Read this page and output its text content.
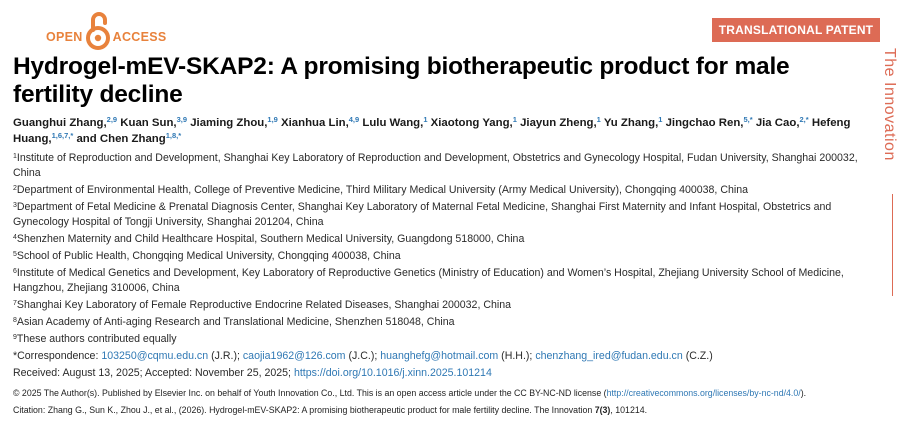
OPEN ACCESS	TRANSLATIONAL PATENT
The Innovation
Hydrogel-mEV-SKAP2: A promising biotherapeutic product for male fertility decline
Guanghui Zhang,$^{2,9}$ Kuan Sun,$^{3,9}$ Jiaming Zhou,$^{1,9}$ Xianhua Lin,$^{4,9}$ Lulu Wang,$^1$ Xiaotong Yang,$^1$ Jiayun Zheng,$^1$ Yu Zhang,$^1$ Jingchao Ren,$^{5,*}$ Jia Cao,$^{2,*}$ Hefeng Huang,$^{1,6,7,*}$ and Chen Zhang$^{1,8,*}$
$^1$Institute of Reproduction and Development, Shanghai Key Laboratory of Reproduction and Development, Obstetrics and Gynecology Hospital, Fudan University, Shanghai 200032, China
$^2$Department of Environmental Health, College of Preventive Medicine, Third Military Medical University (Army Medical University), Chongqing 400038, China
$^3$Department of Fetal Medicine & Prenatal Diagnosis Center, Shanghai Key Laboratory of Maternal Fetal Medicine, Shanghai First Maternity and Infant Hospital, Obstetrics and Gynecology Hospital of Tongji University, Shanghai 201204, China
$^4$Shenzhen Maternity and Child Healthcare Hospital, Southern Medical University, Guangdong 518000, China
$^5$School of Public Health, Chongqing Medical University, Chongqing 400038, China
$^6$Institute of Medical Genetics and Development, Key Laboratory of Reproductive Genetics (Ministry of Education) and Women’s Hospital, Zhejiang University School of Medicine, Hangzhou, Zhejiang 310006, China
$^7$Shanghai Key Laboratory of Female Reproductive Endocrine Related Diseases, Shanghai 200032, China
$^8$Asian Academy of Anti-aging Research and Translational Medicine, Shenzhen 518048, China
$^9$These authors contributed equally
*Correspondence: 103250@cqmu.edu.cn (J.R.); caojia1962@126.com (J.C.); huanghefg@hotmail.com (H.H.); chenzhang_ired@fudan.edu.cn (C.Z.)
Received: August 13, 2025; Accepted: November 25, 2025; https://doi.org/10.1016/j.xinn.2025.101214
© 2025 The Author(s). Published by Elsevier Inc. on behalf of Youth Innovation Co., Ltd. This is an open access article under the CC BY-NC-ND license (http://creativecommons.org/licenses/by-nc-nd/4.0/).
Citation: Zhang G., Sun K., Zhou J., et al., (2026). Hydrogel-mEV-SKAP2: A promising biotherapeutic product for male fertility decline. The Innovation 7(3), 101214.
